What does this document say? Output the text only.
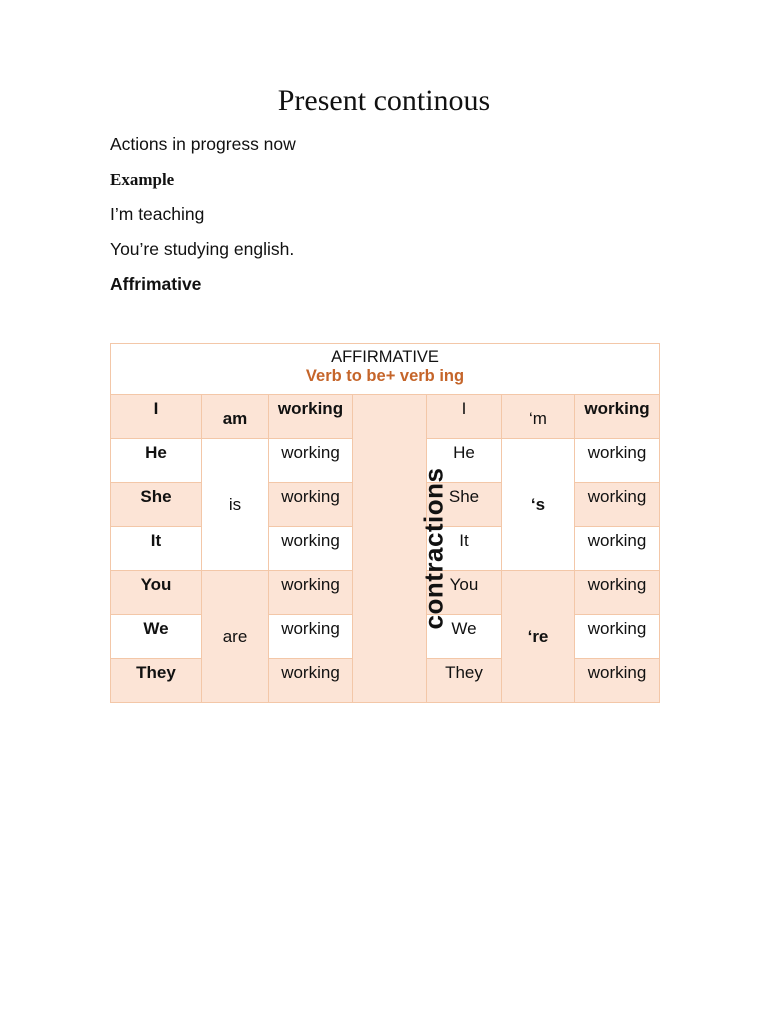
Present continous
Actions in progress now
Example
I’m teaching
You’re studying english.
Affrimative
AFFIRMATIVE
Verb to be+ verb ing						

I	am	working	contractions	I	‘m	working
He	is	working		He	‘s	working
She		working		She		working
It		working		It		working
You	are	working		You	‘re	working
We		working		We		working
They		working		They		working
